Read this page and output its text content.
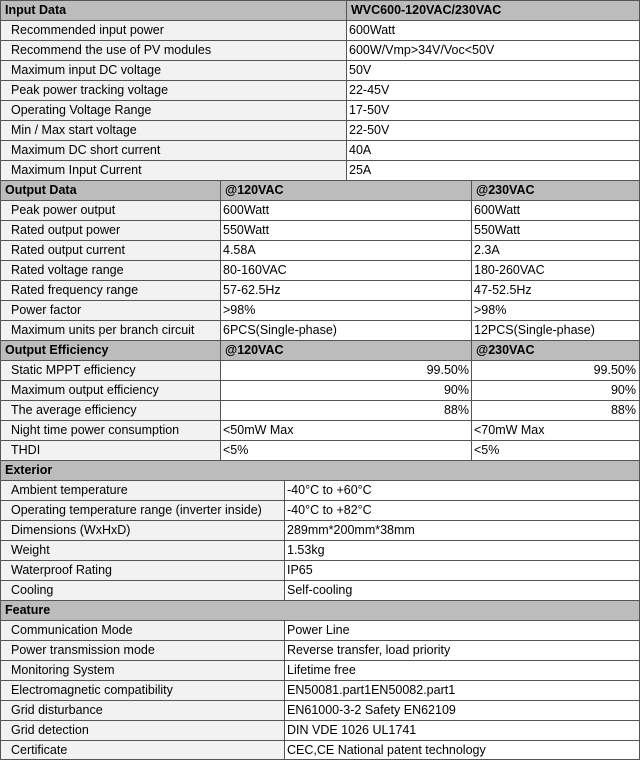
Input Data	WVC600-120VAC/230VAC
Recommended input power	600Watt
Recommend the use of PV modules	600W/Vmp>34V/Voc<50V
Maximum input DC voltage	50V
Peak power tracking voltage	22-45V
Operating Voltage Range	17-50V
Min / Max start voltage	22-50V
Maximum DC short current	40A
Maximum Input Current	25A
Output Data	@120VAC	@230VAC
Peak power output	600Watt	600Watt
Rated output power	550Watt	550Watt
Rated output current	4.58A	2.3A
Rated voltage range	80-160VAC	180-260VAC
Rated frequency range	57-62.5Hz	47-52.5Hz
Power factor	>98%	>98%
Maximum units per branch circuit	6PCS(Single-phase)	12PCS(Single-phase)
Output Efficiency	@120VAC	@230VAC
Static MPPT efficiency	99.50%	99.50%
Maximum output efficiency	90%	90%
The average efficiency	88%	88%
Night time power consumption	<50mW Max	<70mW Max
THDI	<5%	<5%
Exterior
Ambient temperature	-40°C to +60°C
Operating temperature range (inverter inside)	-40°C to +82°C
Dimensions (WxHxD)	289mm*200mm*38mm
Weight	1.53kg
Waterproof Rating	IP65
Cooling	Self-cooling
Feature
Communication Mode	Power Line
Power transmission mode	Reverse transfer, load priority
Monitoring System	Lifetime free
Electromagnetic compatibility	EN50081.part1EN50082.part1
Grid disturbance	EN61000-3-2 Safety EN62109
Grid detection	DIN VDE 1026 UL1741
Certificate	CEC,CE National patent technology
